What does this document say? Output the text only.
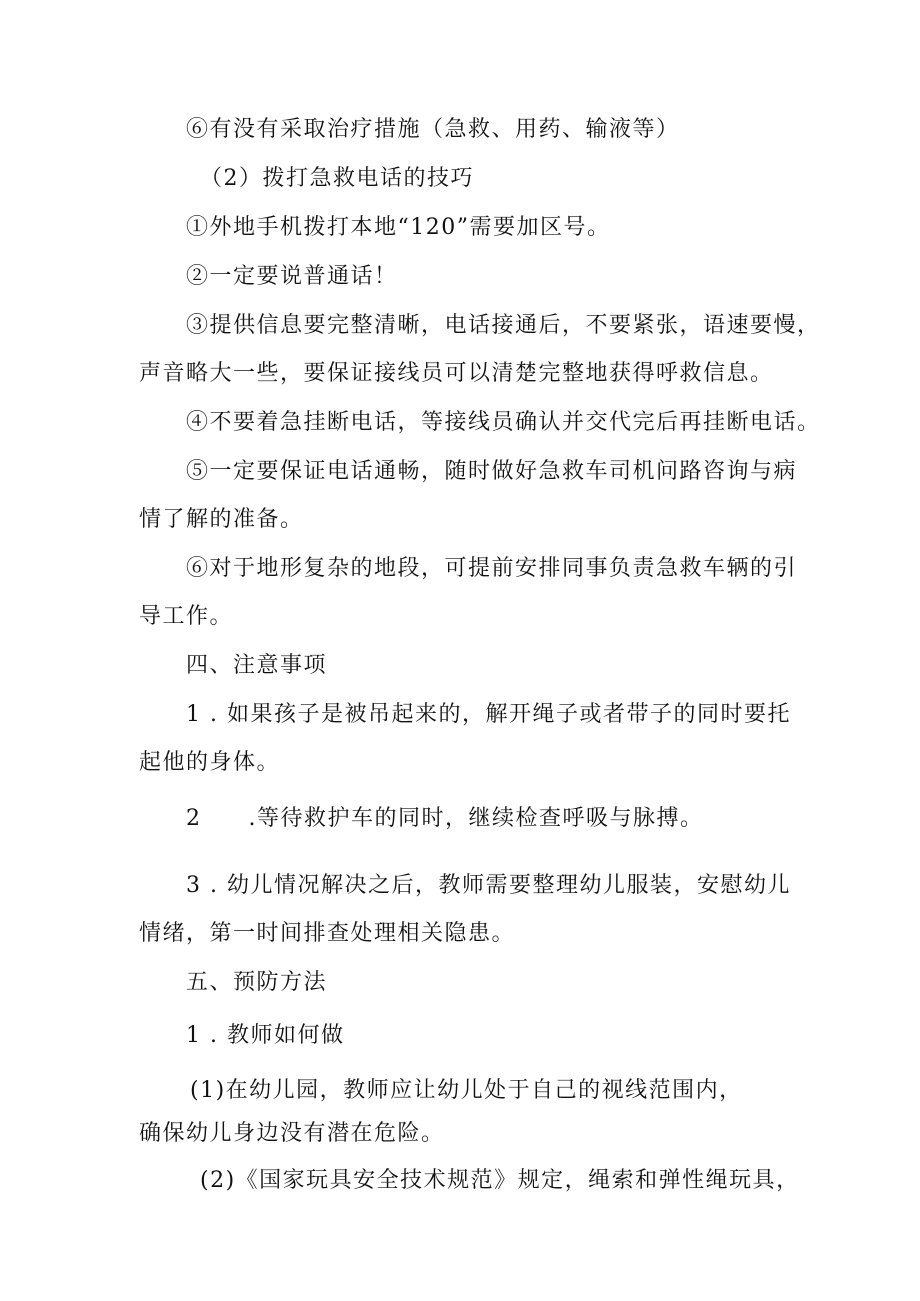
⑥有没有采取治疗措施（急救、用药、输液等）
（2）拨打急救电话的技巧
①外地手机拨打本地“120”需要加区号。
②一定要说普通话！
③提供信息要完整清晰，电话接通后，不要紧张，语速要慢，
声音略大一些，要保证接线员可以清楚完整地获得呼救信息。
④不要着急挂断电话，等接线员确认并交代完后再挂断电话。
⑤一定要保证电话通畅，随时做好急救车司机问路咨询与病
情了解的准备。
⑥对于地形复杂的地段，可提前安排同事负责急救车辆的引
导工作。
四、注意事项
1 . 如果孩子是被吊起来的，解开绳子或者带子的同时要托
起他的身体。
2　　.等待救护车的同时，继续检查呼吸与脉搏。
3 . 幼儿情况解决之后，教师需要整理幼儿服装，安慰幼儿
情绪，第一时间排查处理相关隐患。
五、预防方法
1 . 教师如何做
(1)在幼儿园，教师应让幼儿处于自己的视线范围内，
确保幼儿身边没有潜在危险。
(2)《国家玩具安全技术规范》规定，绳索和弹性绳玩具，
